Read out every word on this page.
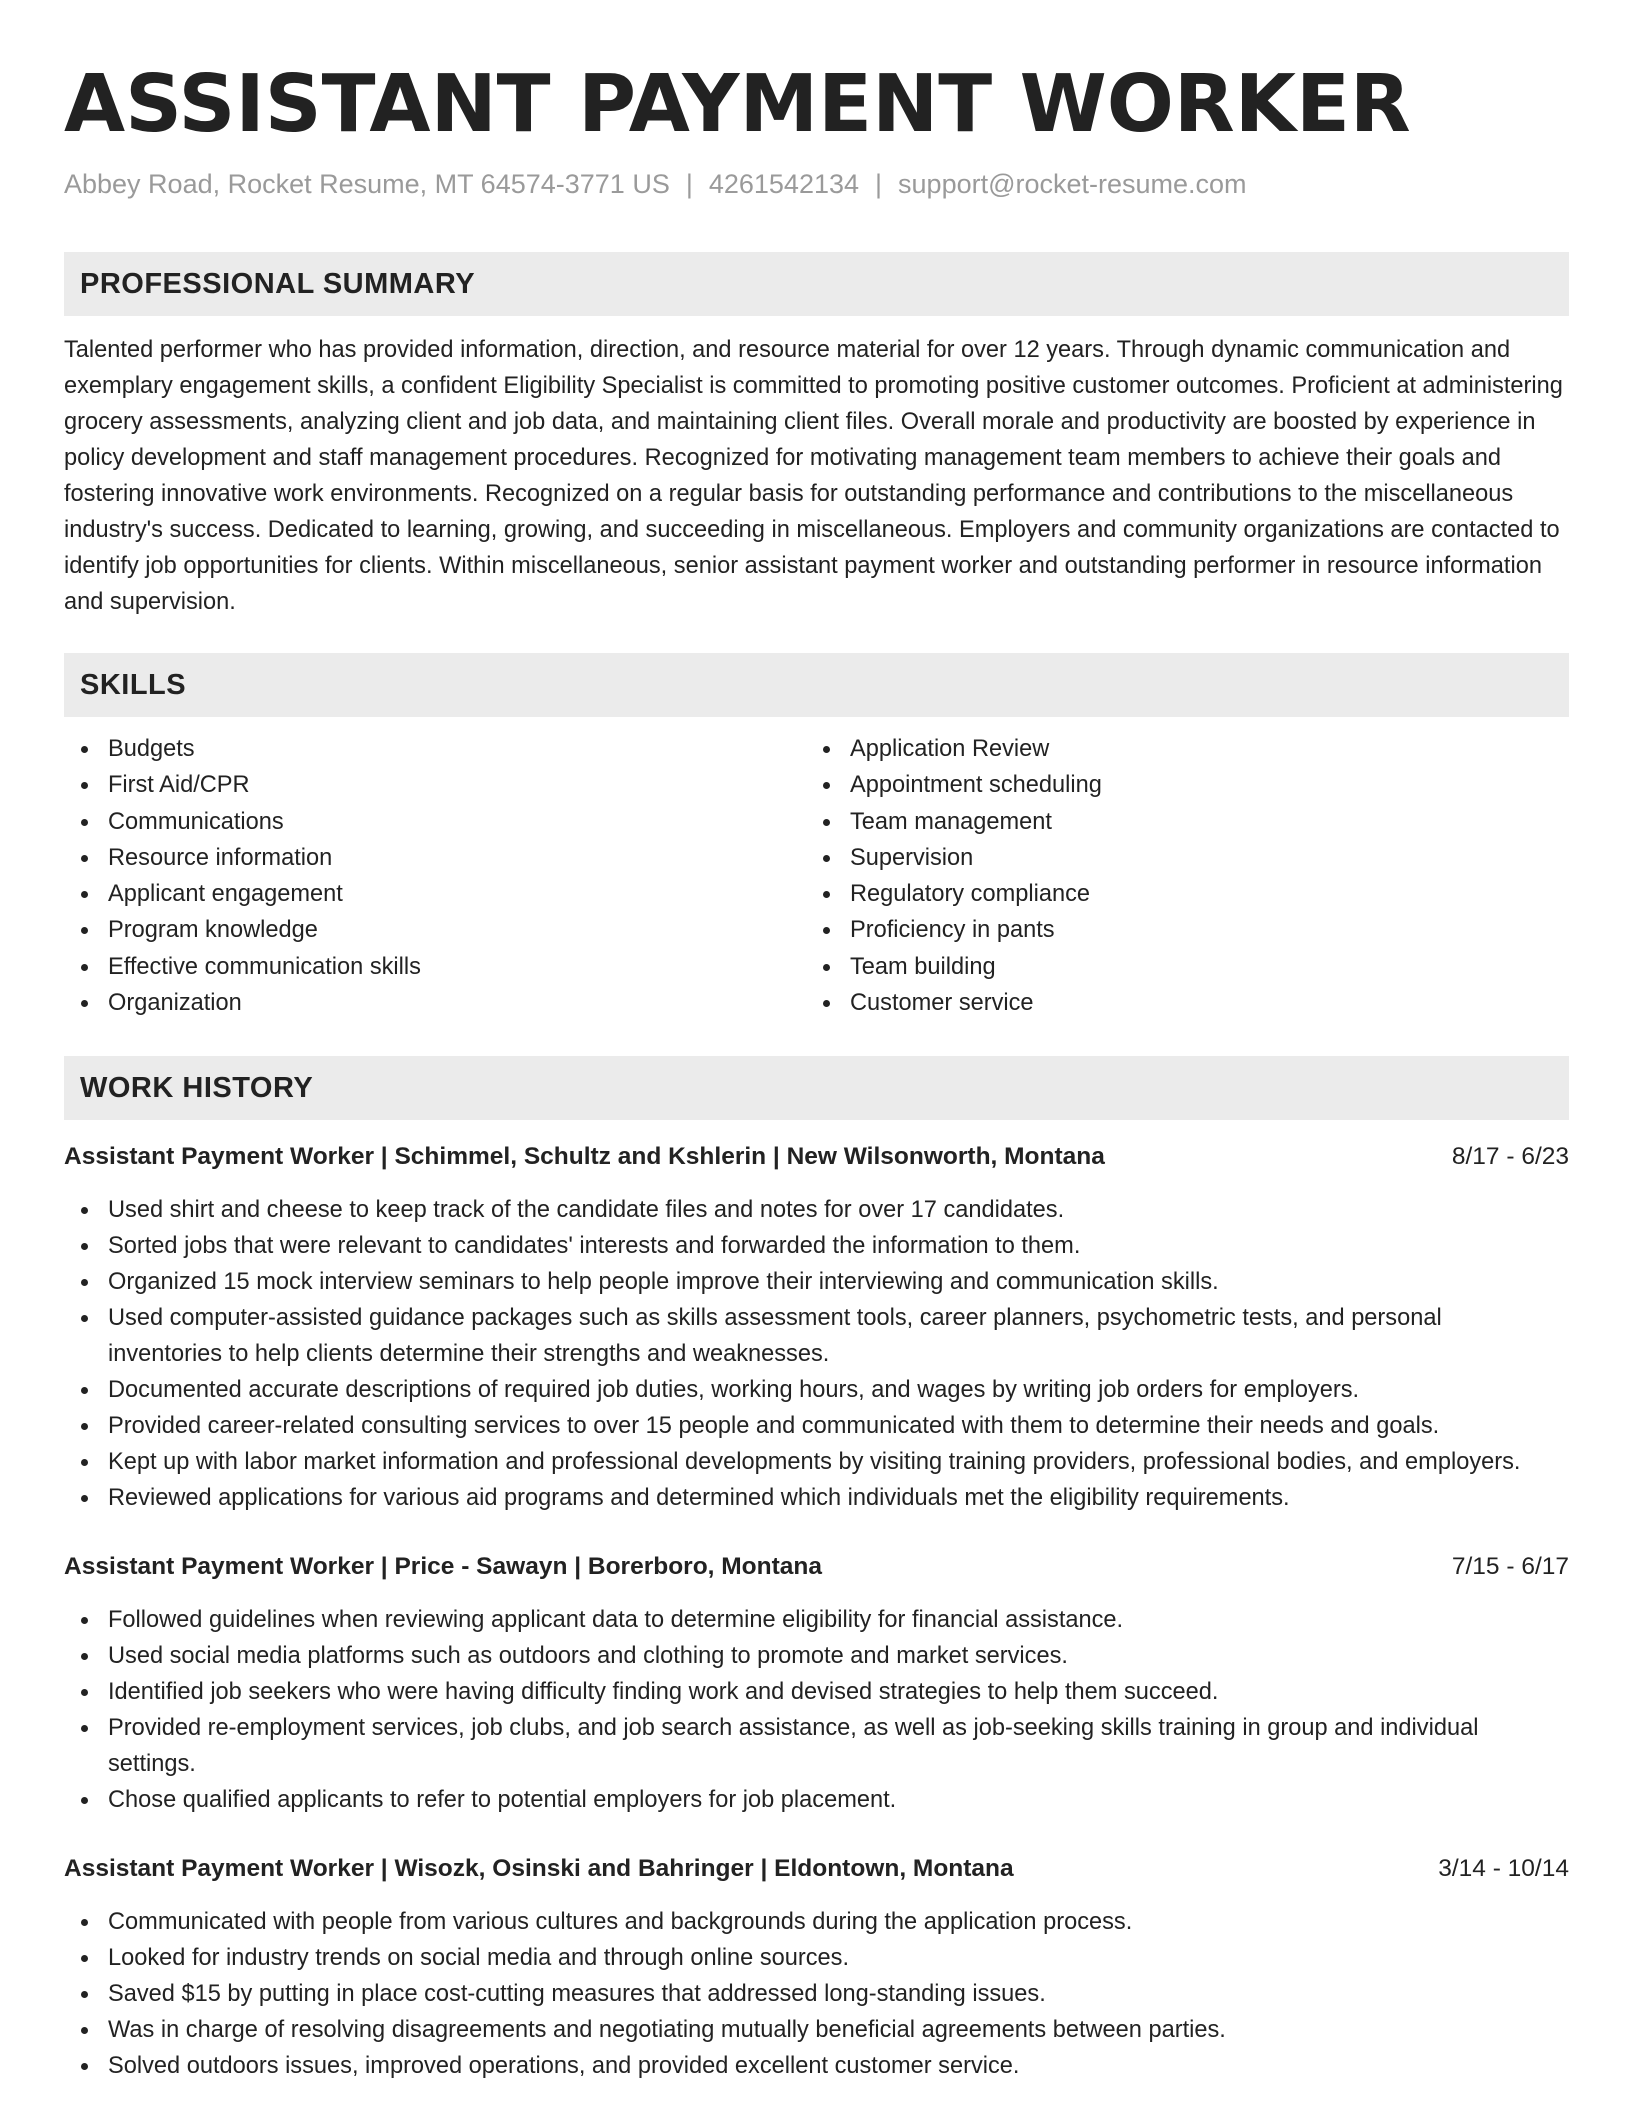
ASSISTANT PAYMENT WORKER
Abbey Road, Rocket Resume, MT 64574-3771 US | 4261542134 | support@rocket-resume.com
PROFESSIONAL SUMMARY

Talented performer who has provided information, direction, and resource material for over 12 years. Through dynamic communication and exemplary engagement skills, a confident Eligibility Specialist is committed to promoting positive customer outcomes. Proficient at administering grocery assessments, analyzing client and job data, and maintaining client files. Overall morale and productivity are boosted by experience in policy development and staff management procedures. Recognized for motivating management team members to achieve their goals and fostering innovative work environments. Recognized on a regular basis for outstanding performance and contributions to the miscellaneous industry's success. Dedicated to learning, growing, and succeeding in miscellaneous. Employers and community organizations are contacted to identify job opportunities for clients. Within miscellaneous, senior assistant payment worker and outstanding performer in resource information and supervision.

SKILLS
Budgets
First Aid/CPR
Communications
Resource information
Applicant engagement
Program knowledge
Effective communication skills
Organization
Application Review
Appointment scheduling
Team management
Supervision
Regulatory compliance
Proficiency in pants
Team building
Customer service
WORK HISTORY
Assistant Payment Worker | Schimmel, Schultz and Kshlerin | New Wilsonworth, Montana	8/17 - 6/23
Used shirt and cheese to keep track of the candidate files and notes for over 17 candidates.
Sorted jobs that were relevant to candidates' interests and forwarded the information to them.
Organized 15 mock interview seminars to help people improve their interviewing and communication skills.
Used computer-assisted guidance packages such as skills assessment tools, career planners, psychometric tests, and personal inventories to help clients determine their strengths and weaknesses.
Documented accurate descriptions of required job duties, working hours, and wages by writing job orders for employers.
Provided career-related consulting services to over 15 people and communicated with them to determine their needs and goals.
Kept up with labor market information and professional developments by visiting training providers, professional bodies, and employers.
Reviewed applications for various aid programs and determined which individuals met the eligibility requirements.
Assistant Payment Worker | Price - Sawayn | Borerboro, Montana	7/15 - 6/17
Followed guidelines when reviewing applicant data to determine eligibility for financial assistance.
Used social media platforms such as outdoors and clothing to promote and market services.
Identified job seekers who were having difficulty finding work and devised strategies to help them succeed.
Provided re-employment services, job clubs, and job search assistance, as well as job-seeking skills training in group and individual settings.
Chose qualified applicants to refer to potential employers for job placement.
Assistant Payment Worker | Wisozk, Osinski and Bahringer | Eldontown, Montana	3/14 - 10/14
Communicated with people from various cultures and backgrounds during the application process.
Looked for industry trends on social media and through online sources.
Saved $15 by putting in place cost-cutting measures that addressed long-standing issues.
Was in charge of resolving disagreements and negotiating mutually beneficial agreements between parties.
Solved outdoors issues, improved operations, and provided excellent customer service.
